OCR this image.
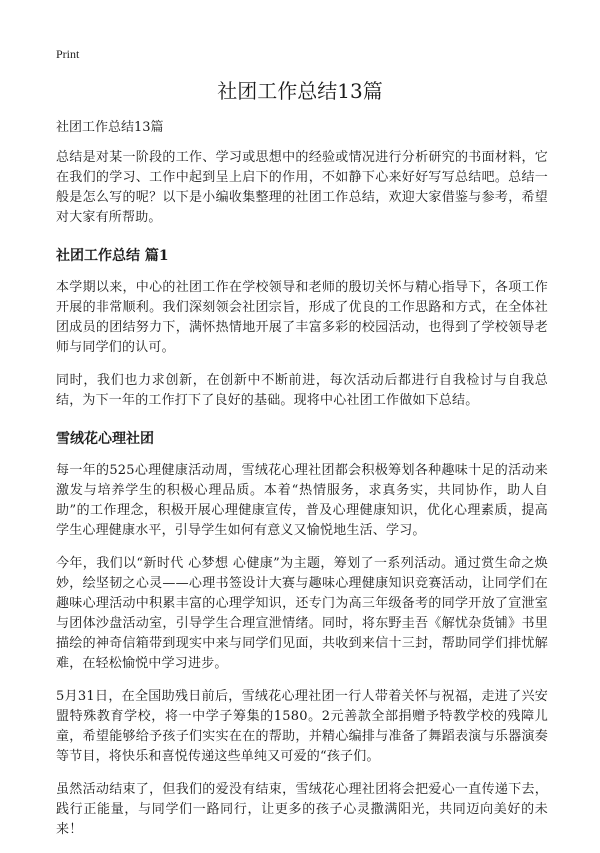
Print
社团工作总结13篇
社团工作总结13篇

总结是对某一阶段的工作、学习或思想中的经验或情况进行分析研究的书面材料，它在我们的学习、工作中起到呈上启下的作用，不如静下心来好好写写总结吧。总结一般是怎么写的呢？以下是小编收集整理的社团工作总结，欢迎大家借鉴与参考，希望对大家有所帮助。

社团工作总结 篇1

本学期以来，中心的社团工作在学校领导和老师的殷切关怀与精心指导下，各项工作开展的非常顺利。我们深刻领会社团宗旨，形成了优良的工作思路和方式，在全体社团成员的团结努力下，满怀热情地开展了丰富多彩的校园活动，也得到了学校领导老师与同学们的认可。

同时，我们也力求创新，在创新中不断前进，每次活动后都进行自我检讨与自我总结，为下一年的工作打下了良好的基础。现将中心社团工作做如下总结。

雪绒花心理社团

每一年的525心理健康活动周，雪绒花心理社团都会积极筹划各种趣味十足的活动来激发与培养学生的积极心理品质。本着“热情服务，求真务实，共同协作，助人自助”的工作理念，积极开展心理健康宣传，普及心理健康知识，优化心理素质，提高学生心理健康水平，引导学生如何有意义又愉悦地生活、学习。

今年，我们以“新时代 心梦想 心健康”为主题，筹划了一系列活动。通过赏生命之焕妙，绘坚韧之心灵——心理书签设计大赛与趣味心理健康知识竞赛活动，让同学们在趣味心理活动中积累丰富的心理学知识，还专门为高三年级备考的同学开放了宣泄室与团体沙盘活动室，引导学生合理宣泄情绪。同时，将东野圭吾《解忧杂货铺》书里描绘的神奇信箱带到现实中来与同学们见面，共收到来信十三封，帮助同学们排忧解难，在轻松愉悦中学习进步。

5月31日，在全国助残日前后，雪绒花心理社团一行人带着关怀与祝福，走进了兴安盟特殊教育学校，将一中学子筹集的1580。2元善款全部捐赠予特教学校的残障儿童，希望能够给予孩子们实实在在的帮助，并精心编排与准备了舞蹈表演与乐器演奏等节目，将快乐和喜悦传递这些单纯又可爱的“孩子们。

虽然活动结束了，但我们的爱没有结束，雪绒花心理社团将会把爱心一直传递下去，践行正能量，与同学们一路同行，让更多的孩子心灵撒满阳光，共同迈向美好的未来！
